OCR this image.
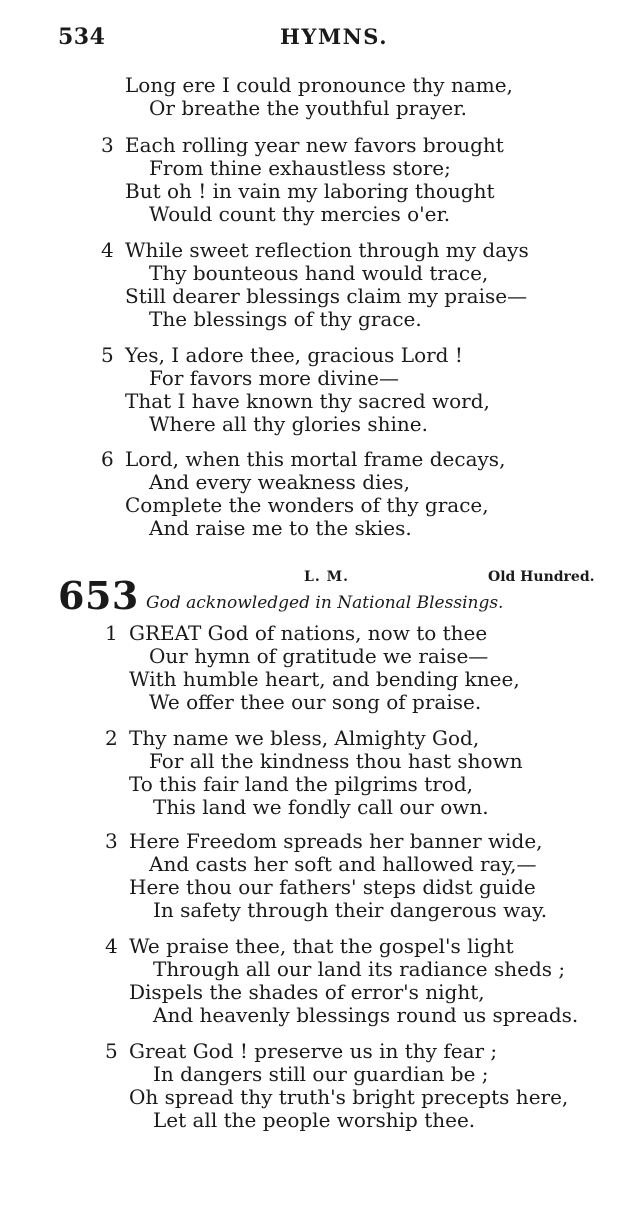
534	HYMNS.
Long ere I could pronounce thy name,
Or breathe the youthful prayer.
3 Each rolling year new favors brought
From thine exhaustless store;
But oh ! in vain my laboring thought
Would count thy mercies o'er.
4 While sweet reflection through my days
Thy bounteous hand would trace,
Still dearer blessings claim my praise—
The blessings of thy grace.
5 Yes, I adore thee, gracious Lord !
For favors more divine—
That I have known thy sacred word,
Where all thy glories shine.
6 Lord, when this mortal frame decays,
And every weakness dies,
Complete the wonders of thy grace,
And raise me to the skies.
653	L. M.	Old Hundred.
God acknowledged in National Blessings.
1 GREAT God of nations, now to thee
Our hymn of gratitude we raise—
With humble heart, and bending knee,
We offer thee our song of praise.
2 Thy name we bless, Almighty God,
For all the kindness thou hast shown
To this fair land the pilgrims trod,
This land we fondly call our own.
3 Here Freedom spreads her banner wide,
And casts her soft and hallowed ray,—
Here thou our fathers' steps didst guide
In safety through their dangerous way.
4 We praise thee, that the gospel's light
Through all our land its radiance sheds ;
Dispels the shades of error's night,
And heavenly blessings round us spreads.
5 Great God ! preserve us in thy fear ;
In dangers still our guardian be ;
Oh spread thy truth's bright precepts here,
Let all the people worship thee.
